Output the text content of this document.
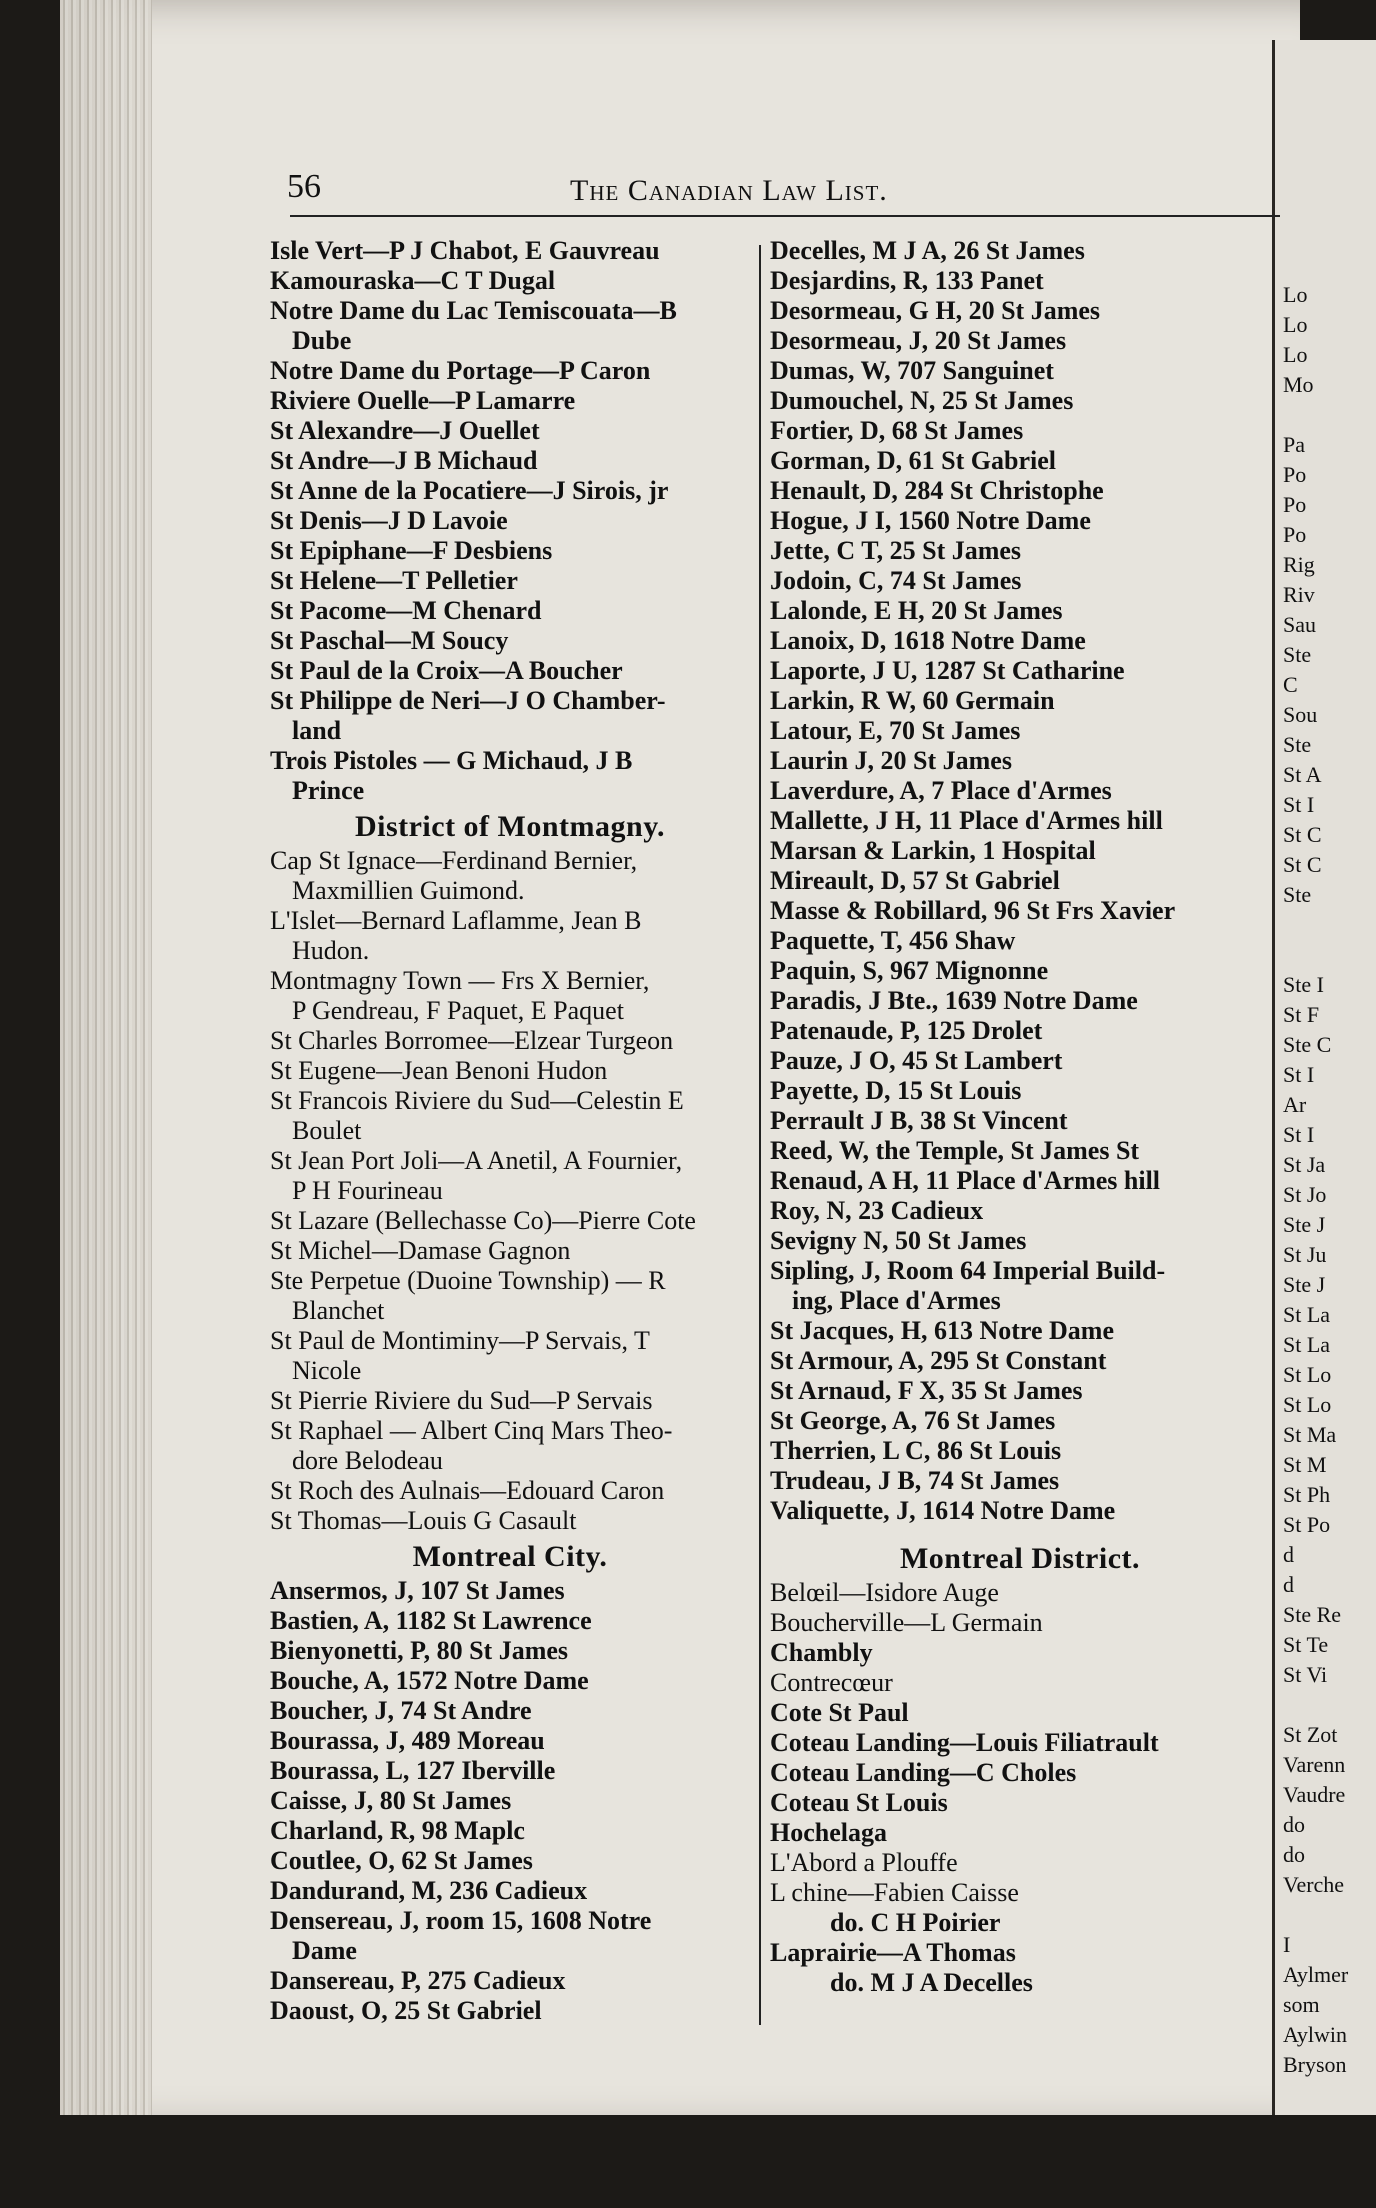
Lo
Lo
Lo
Mo

Pa
Po
Po
Po
Rig
Riv
Sau
Ste
C
Sou
Ste
St A
St I
St C
St C
Ste

Ste I
St F
Ste C
St I
Ar
St I
St Ja
St Jo
Ste J
St Ju
Ste J
St La
St La
St Lo
St Lo
St Ma
St M
St Ph
St Po
d
d
Ste Re
St Te
St Vi

St Zot
Varenn
Vaudre
do
do
Verche

I
Aylmer
som
Aylwin
Bryson
56	The Canadian Law List.
Isle Vert—P J Chabot, E Gauvreau
Kamouraska—C T Dugal
Notre Dame du Lac Temiscouata—B
Dube
Notre Dame du Portage—P Caron
Riviere Ouelle—P Lamarre
St Alexandre—J Ouellet
St Andre—J B Michaud
St Anne de la Pocatiere—J Sirois, jr
St Denis—J D Lavoie
St Epiphane—F Desbiens
St Helene—T Pelletier
St Pacome—M Chenard
St Paschal—M Soucy
St Paul de la Croix—A Boucher
St Philippe de Neri—J O Chamber-
land
Trois Pistoles — G Michaud, J B
Prince
District of Montmagny.
Cap St Ignace—Ferdinand Bernier,
Maxmillien Guimond.
L'Islet—Bernard Laflamme, Jean B
Hudon.
Montmagny Town — Frs X Bernier,
P Gendreau, F Paquet, E Paquet
St Charles Borromee—Elzear Turgeon
St Eugene—Jean Benoni Hudon
St Francois Riviere du Sud—Celestin E
Boulet
St Jean Port Joli—A Anetil, A Fournier,
P H Fourineau
St Lazare (Bellechasse Co)—Pierre Cote
St Michel—Damase Gagnon
Ste Perpetue (Duoine Township) — R
Blanchet
St Paul de Montiminy—P Servais, T
Nicole
St Pierrie Riviere du Sud—P Servais
St Raphael — Albert Cinq Mars Theo-
dore Belodeau
St Roch des Aulnais—Edouard Caron
St Thomas—Louis G Casault
Montreal City.
Ansermos, J, 107 St James
Bastien, A, 1182 St Lawrence
Bienyonetti, P, 80 St James
Bouche, A, 1572 Notre Dame
Boucher, J, 74 St Andre
Bourassa, J, 489 Moreau
Bourassa, L, 127 Iberville
Caisse, J, 80 St James
Charland, R, 98 Maplc
Coutlee, O, 62 St James
Dandurand, M, 236 Cadieux
Densereau, J, room 15, 1608 Notre
Dame
Dansereau, P, 275 Cadieux
Daoust, O, 25 St Gabriel
Decelles, M J A, 26 St James
Desjardins, R, 133 Panet
Desormeau, G H, 20 St James
Desormeau, J, 20 St James
Dumas, W, 707 Sanguinet
Dumouchel, N, 25 St James
Fortier, D, 68 St James
Gorman, D, 61 St Gabriel
Henault, D, 284 St Christophe
Hogue, J I, 1560 Notre Dame
Jette, C T, 25 St James
Jodoin, C, 74 St James
Lalonde, E H, 20 St James
Lanoix, D, 1618 Notre Dame
Laporte, J U, 1287 St Catharine
Larkin, R W, 60 Germain
Latour, E, 70 St James
Laurin J, 20 St James
Laverdure, A, 7 Place d'Armes
Mallette, J H, 11 Place d'Armes hill
Marsan & Larkin, 1 Hospital
Mireault, D, 57 St Gabriel
Masse & Robillard, 96 St Frs Xavier
Paquette, T, 456 Shaw
Paquin, S, 967 Mignonne
Paradis, J Bte., 1639 Notre Dame
Patenaude, P, 125 Drolet
Pauze, J O, 45 St Lambert
Payette, D, 15 St Louis
Perrault J B, 38 St Vincent
Reed, W, the Temple, St James St
Renaud, A H, 11 Place d'Armes hill
Roy, N, 23 Cadieux
Sevigny N, 50 St James
Sipling, J, Room 64 Imperial Build-
ing, Place d'Armes
St Jacques, H, 613 Notre Dame
St Armour, A, 295 St Constant
St Arnaud, F X, 35 St James
St George, A, 76 St James
Therrien, L C, 86 St Louis
Trudeau, J B, 74 St James
Valiquette, J, 1614 Notre Dame
Montreal District.
Belœil—Isidore Auge
Boucherville—L Germain
Chambly
Contrecœur
Cote St Paul
Coteau Landing—Louis Filiatrault
Coteau Landing—C Choles
Coteau St Louis
Hochelaga
L'Abord a Plouffe
L chine—Fabien Caisse
do. C H Poirier
Laprairie—A Thomas
do. M J A Decelles
